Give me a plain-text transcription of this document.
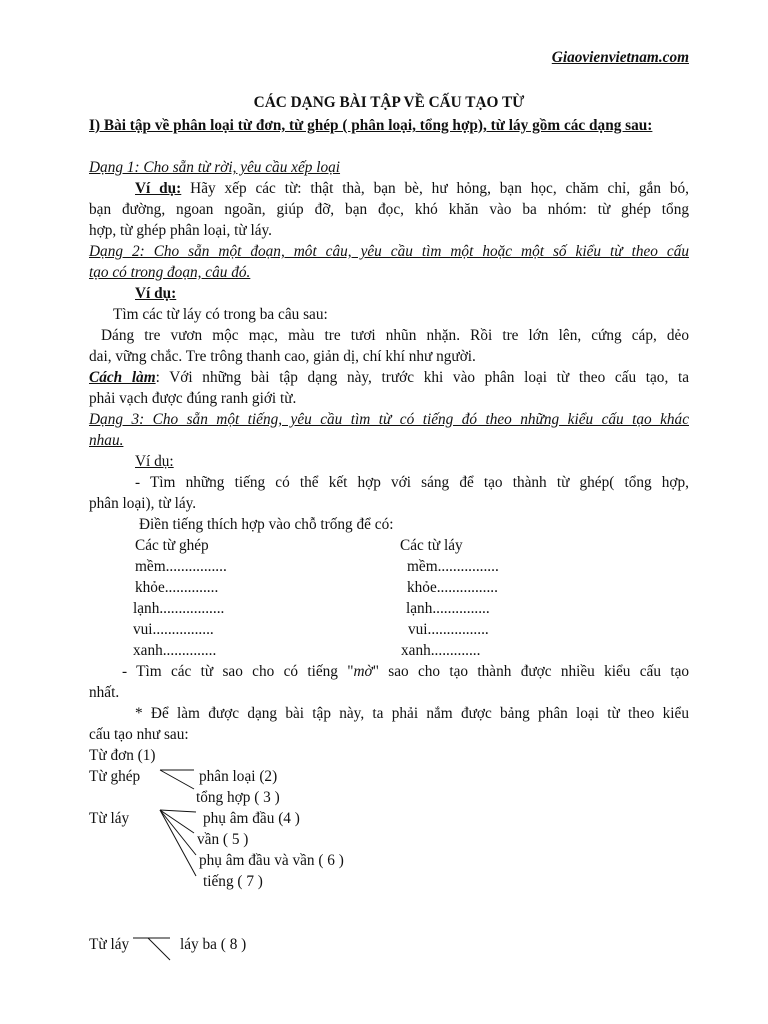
Giaovienvietnam.com
CÁC DẠNG BÀI TẬP VỀ CẤU TẠO TỪ
I) Bài tập về phân loại từ đơn, từ ghép ( phân loại, tổng hợp), từ láy gồm các dạng sau:
Dạng 1: Cho sẵn từ rời, yêu cầu xếp loại
Ví dụ: Hãy xếp các từ: thật thà, bạn bè, hư hỏng, bạn học, chăm chỉ, gắn bó,
bạn đường, ngoan ngoãn, giúp đỡ, bạn đọc, khó khăn vào ba nhóm: từ ghép tổng
hợp, từ ghép phân loại, từ láy.
Dạng 2: Cho sẵn một đoạn, môt câu, yêu cầu tìm một hoặc một số kiểu từ theo cấu
tạo có trong đoạn, câu đó.
Ví dụ:
Tìm các từ láy có trong ba câu sau:
Dáng tre vươn mộc mạc, màu tre tươi nhũn nhặn. Rồi tre lớn lên, cứng cáp, dẻo
dai, vững chắc. Tre trông thanh cao, giản dị, chí khí như người.
Cách làm: Với những bài tập dạng này, trước khi vào phân loại từ theo cấu tạo, ta
phải vạch được đúng ranh giới từ.
Dạng 3: Cho sẵn một tiếng, yêu cầu tìm từ có tiếng đó theo những kiểu cấu tạo khác
nhau.
Ví dụ:
- Tìm những tiếng có thể kết hợp với sáng để tạo thành từ ghép( tổng hợp,
phân loại), từ láy.
Điền tiếng thích hợp vào chỗ trống để có:
Các từ ghép	Các từ láy
mềm................	mềm................
khỏe..............	khỏe................
lạnh.................	lạnh...............
vui................	vui................
xanh..............	xanh.............
- Tìm các từ sao cho có tiếng "mờ" sao cho tạo thành được nhiều kiểu cấu tạo
nhất.
* Để làm được dạng bài tập này, ta phải nắm được bảng phân loại từ theo kiểu
cấu tạo như sau:
Từ đơn (1)
Từ ghép	phân loại (2)
tổng hợp ( 3 )
Từ láy	phụ âm đầu (4 )
vần ( 5 )
phụ âm đầu và vần ( 6 )
tiếng ( 7 )
Từ láy	láy ba ( 8 )
